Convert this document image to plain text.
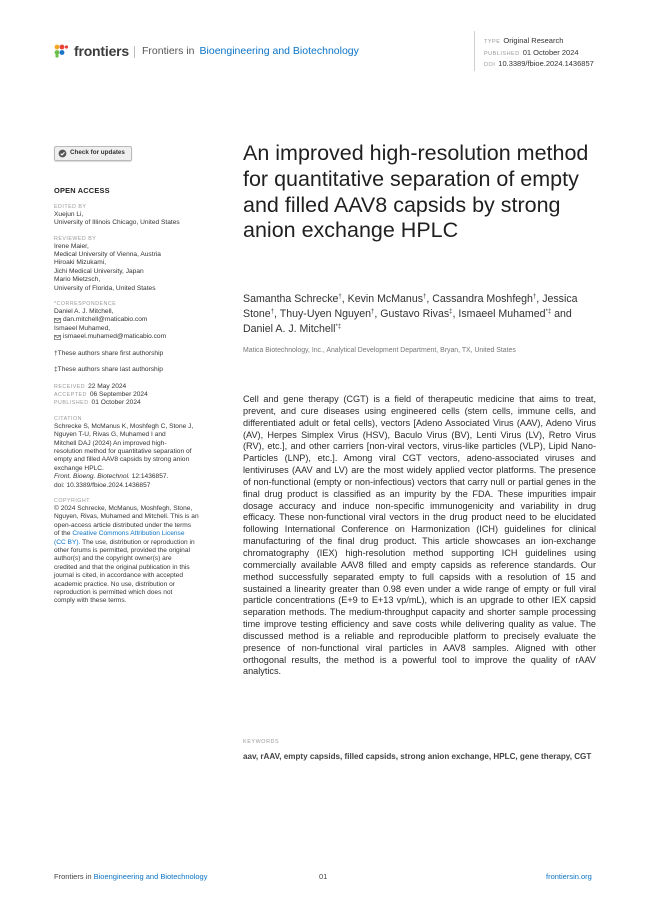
frontiers Frontiers in Bioengineering and Biotechnology
TYPE Original Research
PUBLISHED 01 October 2024
DOI 10.3389/fbioe.2024.1436857
Check for updates
OPEN ACCESS
EDITED BY
Xuejun Li,
University of Illinois Chicago, United States
REVIEWED BY
Irene Maier,
Medical University of Vienna, Austria
Hiroaki Mizukami,
Jichi Medical University, Japan
Mario Mietzsch,
University of Florida, United States
*CORRESPONDENCE
Daniel A. J. Mitchell,
dan.mitchell@maticabio.com
Ismaeel Muhamed,
ismaeel.muhamed@maticabio.com
†These authors share first authorship
‡These authors share last authorship
RECEIVED 22 May 2024
ACCEPTED 06 September 2024
PUBLISHED 01 October 2024
CITATION
Schrecke S, McManus K, Moshfegh C, Stone J,
Nguyen T-U, Rivas G, Muhamed I and
Mitchell DAJ (2024) An improved high-
resolution method for quantitative separation of
empty and filled AAV8 capsids by strong anion
exchange HPLC.
Front. Bioeng. Biotechnol. 12:1436857.
doi: 10.3389/fbioe.2024.1436857
COPYRIGHT
© 2024 Schrecke, McManus, Moshfegh, Stone,
Nguyen, Rivas, Muhamed and Mitchell. This is an
open-access article distributed under the terms
of the Creative Commons Attribution License
(CC BY). The use, distribution or reproduction in
other forums is permitted, provided the original
author(s) and the copyright owner(s) are
credited and that the original publication in this
journal is cited, in accordance with accepted
academic practice. No use, distribution or
reproduction is permitted which does not
comply with these terms.
An improved high-resolution method for quantitative separation of empty and filled AAV8 capsids by strong anion exchange HPLC
Samantha Schrecke†, Kevin McManus†, Cassandra Moshfegh†, Jessica Stone†, Thuy-Uyen Nguyen†, Gustavo Rivas‡, Ismaeel Muhamed*‡ and Daniel A. J. Mitchell*‡
Matica Biotechnology, Inc., Analytical Development Department, Bryan, TX, United States

Cell and gene therapy (CGT) is a field of therapeutic medicine that aims to treat, prevent, and cure diseases using engineered cells (stem cells, immune cells, and differentiated adult or fetal cells), vectors [Adeno Associated Virus (AAV), Adeno Virus (AV), Herpes Simplex Virus (HSV), Baculo Virus (BV), Lenti Virus (LV), Retro Virus (RV), etc.], and other carriers [non-viral vectors, virus-like particles (VLP), Lipid Nano-Particles (LNP), etc.]. Among viral CGT vectors, adeno-associated viruses and lentiviruses (AAV and LV) are the most widely applied vector platforms. The presence of non-functional (empty or non-infectious) vectors that carry null or partial genes in the final drug product is classified as an impurity by the FDA. These impurities impair dosage accuracy and induce non-specific immunogenicity and variability in drug efficacy. These non-functional viral vectors in the drug product need to be elucidated following International Conference on Harmonization (ICH) guidelines for clinical manufacturing of the final drug product. This article showcases an ion-exchange chromatography (IEX) high-resolution method supporting ICH guidelines using commercially available AAV8 filled and empty capsids as reference standards. Our method successfully separated empty to full capsids with a resolution of 15 and sustained a linearity greater than 0.98 even under a wide range of empty or full viral particle concentrations (E+9 to E+13 vp/mL), which is an upgrade to other IEX capsid separation methods. The medium-throughput capacity and shorter sample processing time improve testing efficiency and save costs while delivering quality as value. The discussed method is a reliable and reproducible platform to precisely evaluate the presence of non-functional viral particles in AAV8 samples. Aligned with other orthogonal results, the method is a powerful tool to improve the quality of rAAV analytics.

KEYWORDS
aav, rAAV, empty capsids, filled capsids, strong anion exchange, HPLC, gene therapy, CGT
Frontiers in Bioengineering and Biotechnology	01	frontiersin.org
